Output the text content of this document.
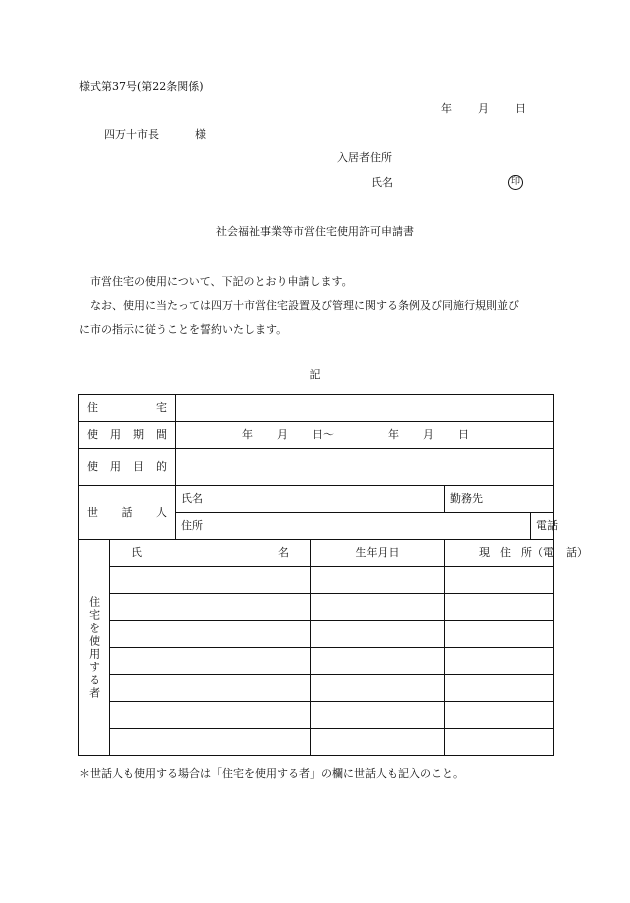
様式第37号(第22条関係)
年 月 日
四万十市長	様
入居者住所
氏名	印
社会福祉事業等市営住宅使用許可申請書

市営住宅の使用について、下記のとおり申請します。

なお、使用に当たっては四万十市営住宅設置及び管理に関する条例及び同施行規則並び

に市の指示に従うことを誓約いたします。

記
住 宅						

使 用 期 間		年 月 日～ 年 月 日				

使 用 目 的						

世 話 人		氏名		勤務先		
		住所			電話	

住宅を使用する者	氏 名		生年月日	現 住 所（電 話）		

＊世話人も使用する場合は「住宅を使用する者」の欄に世話人も記入のこと。
